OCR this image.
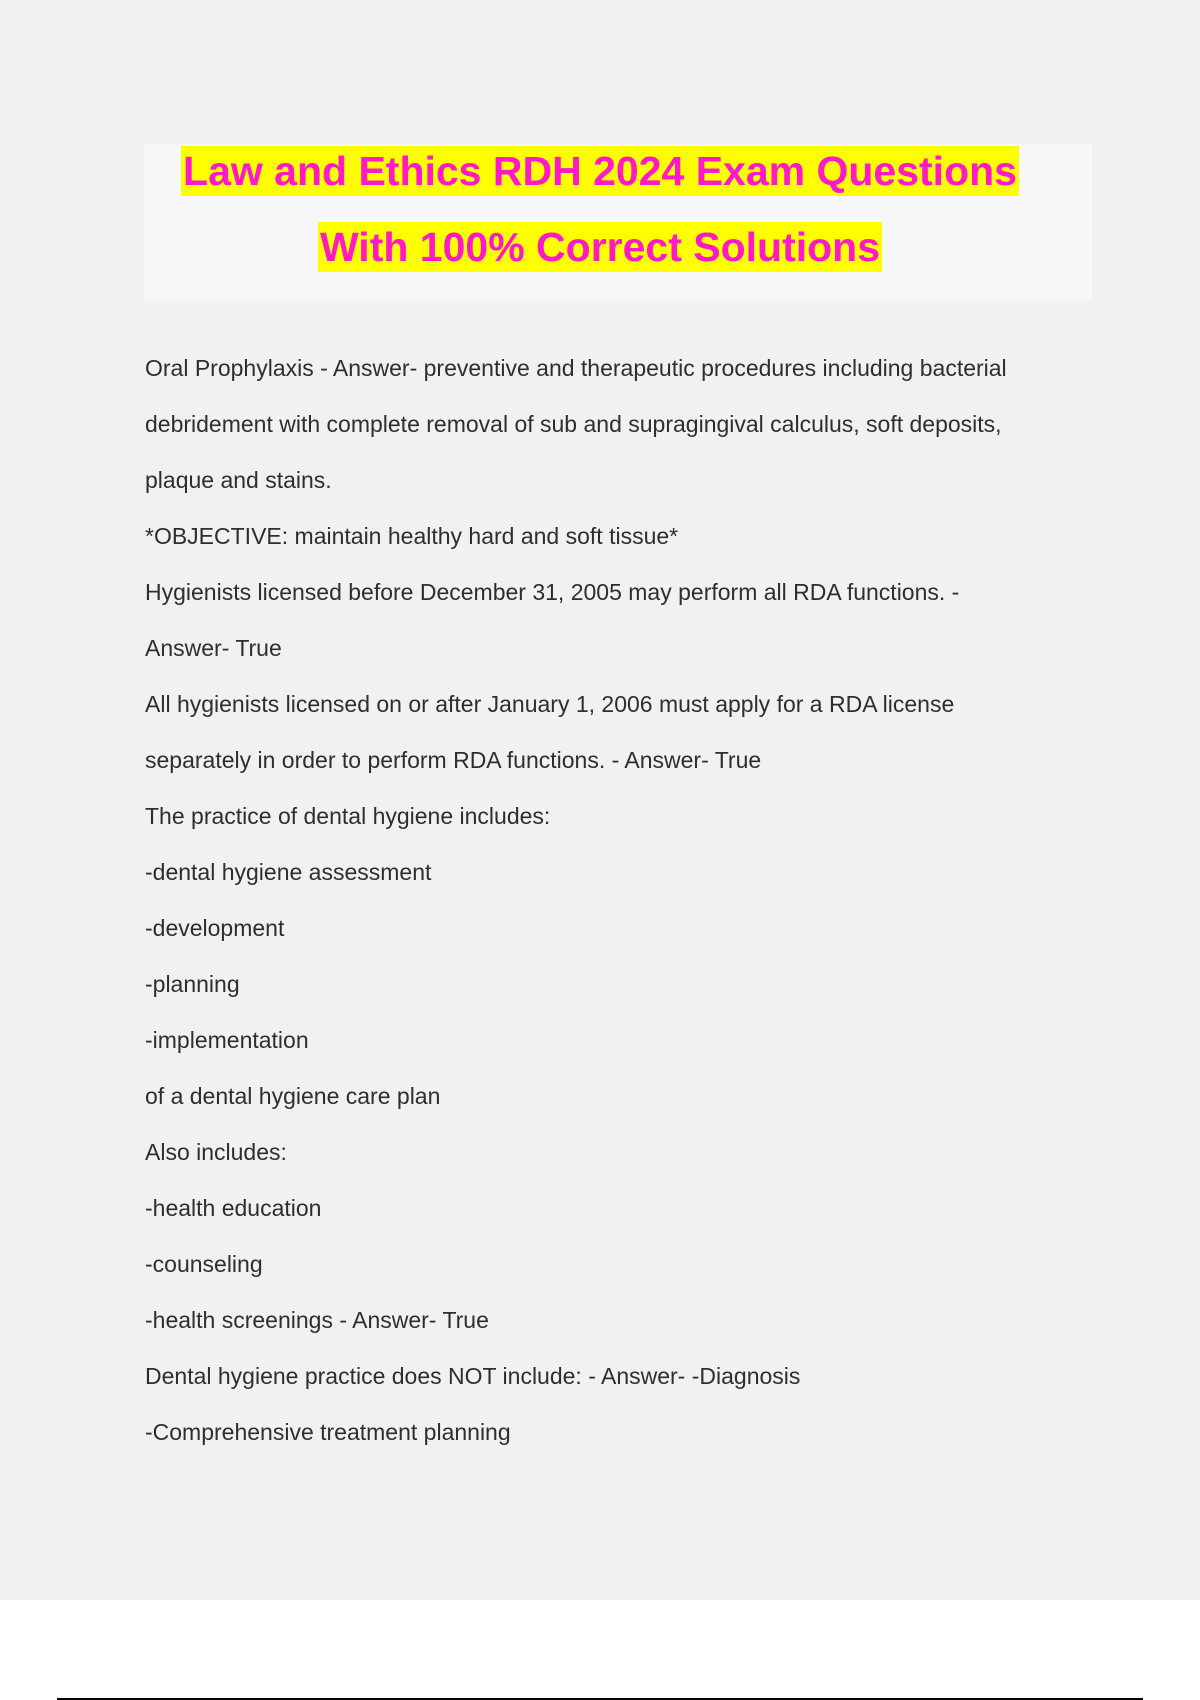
Law and Ethics RDH 2024 Exam Questions
With 100% Correct Solutions
Oral Prophylaxis - Answer- preventive and therapeutic procedures including bacterial
debridement with complete removal of sub and supragingival calculus, soft deposits,
plaque and stains.
*OBJECTIVE: maintain healthy hard and soft tissue*
Hygienists licensed before December 31, 2005 may perform all RDA functions. -
Answer- True
All hygienists licensed on or after January 1, 2006 must apply for a RDA license
separately in order to perform RDA functions. - Answer- True
The practice of dental hygiene includes:
-dental hygiene assessment
-development
-planning
-implementation
of a dental hygiene care plan
Also includes:
-health education
-counseling
-health screenings - Answer- True
Dental hygiene practice does NOT include: - Answer- -Diagnosis
-Comprehensive treatment planning
